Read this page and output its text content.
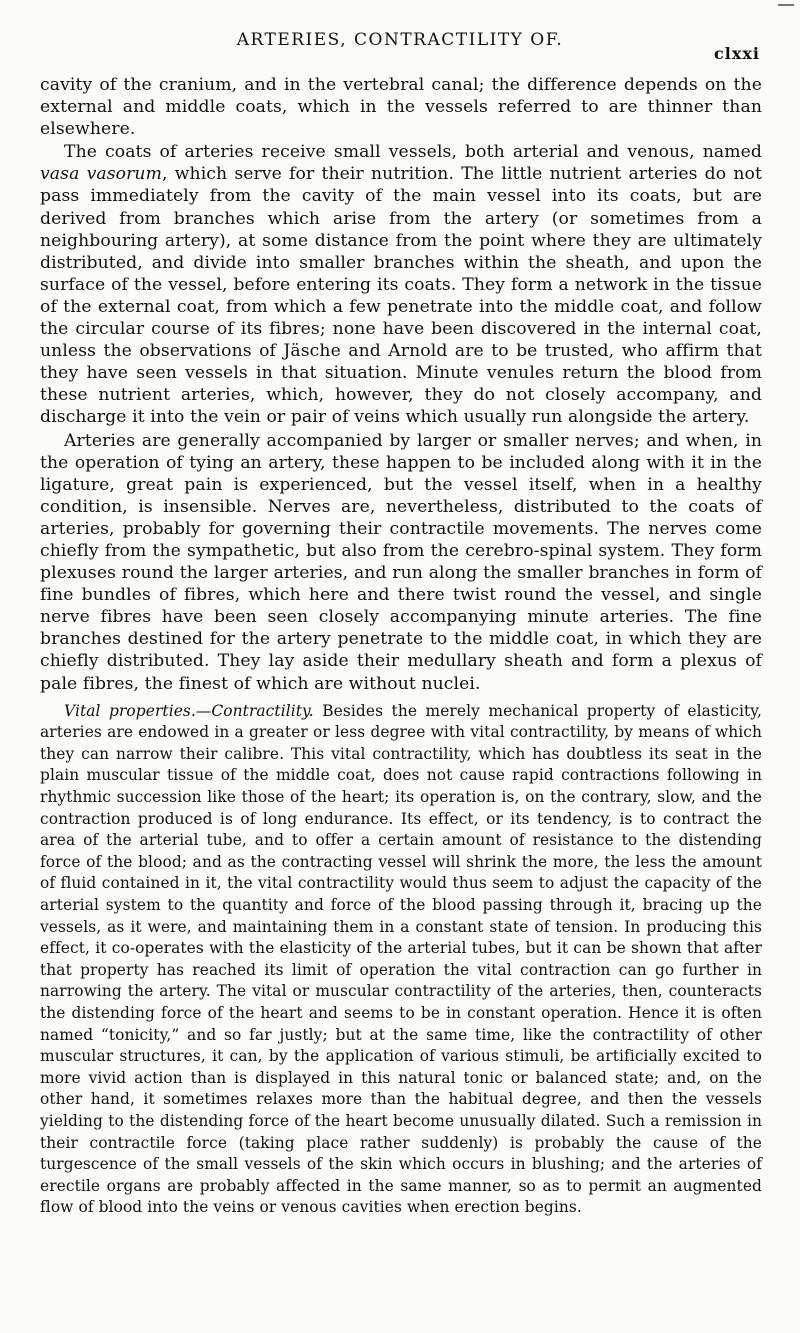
ARTERIES, CONTRACTILITY OF.
clxxi

cavity of the cranium, and in the vertebral canal; the difference depends on the external and middle coats, which in the vessels referred to are thinner than elsewhere.

The coats of arteries receive small vessels, both arterial and venous, named vasa vasorum, which serve for their nutrition. The little nutrient arteries do not pass immediately from the cavity of the main vessel into its coats, but are derived from branches which arise from the artery (or sometimes from a neighbouring artery), at some distance from the point where they are ultimately distributed, and divide into smaller branches within the sheath, and upon the surface of the vessel, before entering its coats. They form a network in the tissue of the external coat, from which a few penetrate into the middle coat, and follow the circular course of its fibres; none have been discovered in the internal coat, unless the observations of Jäsche and Arnold are to be trusted, who affirm that they have seen vessels in that situation. Minute venules return the blood from these nutrient arteries, which, however, they do not closely accompany, and discharge it into the vein or pair of veins which usually run alongside the artery.

Arteries are generally accompanied by larger or smaller nerves; and when, in the operation of tying an artery, these happen to be included along with it in the ligature, great pain is experienced, but the vessel itself, when in a healthy condition, is insensible. Nerves are, nevertheless, distributed to the coats of arteries, probably for governing their contractile movements. The nerves come chiefly from the sympathetic, but also from the cerebro-spinal system. They form plexuses round the larger arteries, and run along the smaller branches in form of fine bundles of fibres, which here and there twist round the vessel, and single nerve fibres have been seen closely accompanying minute arteries. The fine branches destined for the artery penetrate to the middle coat, in which they are chiefly distributed. They lay aside their medullary sheath and form a plexus of pale fibres, the finest of which are without nuclei.

Vital properties.—Contractility. Besides the merely mechanical property of elasticity, arteries are endowed in a greater or less degree with vital contractility, by means of which they can narrow their calibre. This vital contractility, which has doubtless its seat in the plain muscular tissue of the middle coat, does not cause rapid contractions following in rhythmic succession like those of the heart; its operation is, on the contrary, slow, and the contraction produced is of long endurance. Its effect, or its tendency, is to contract the area of the arterial tube, and to offer a certain amount of resistance to the distending force of the blood; and as the contracting vessel will shrink the more, the less the amount of fluid contained in it, the vital contractility would thus seem to adjust the capacity of the arterial system to the quantity and force of the blood passing through it, bracing up the vessels, as it were, and maintaining them in a constant state of tension. In producing this effect, it co-operates with the elasticity of the arterial tubes, but it can be shown that after that property has reached its limit of operation the vital contraction can go further in narrowing the artery. The vital or muscular contractility of the arteries, then, counteracts the distending force of the heart and seems to be in constant operation. Hence it is often named “tonicity,” and so far justly; but at the same time, like the contractility of other muscular structures, it can, by the application of various stimuli, be artificially excited to more vivid action than is displayed in this natural tonic or balanced state; and, on the other hand, it sometimes relaxes more than the habitual degree, and then the vessels yielding to the distending force of the heart become unusually dilated. Such a remission in their contractile force (taking place rather suddenly) is probably the cause of the turgescence of the small vessels of the skin which occurs in blushing; and the arteries of erectile organs are probably affected in the same manner, so as to permit an augmented flow of blood into the veins or venous cavities when erection begins.
